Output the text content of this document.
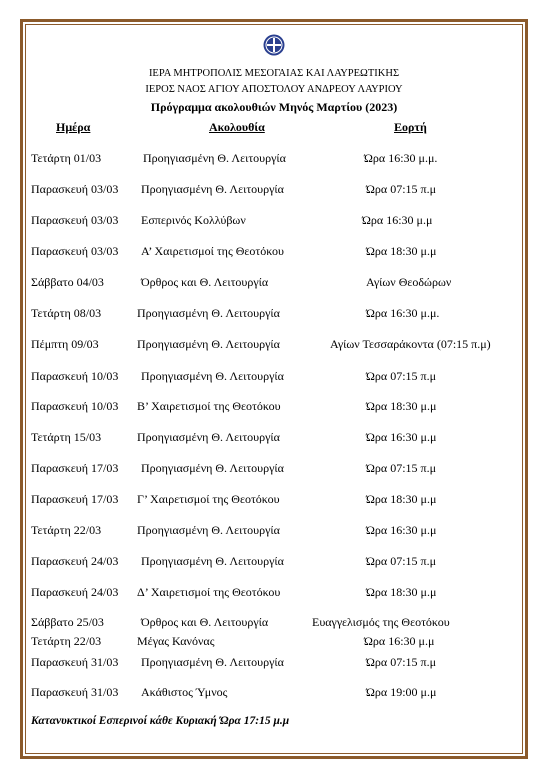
ΙΕΡΑ ΜΗΤΡΟΠΟΛΙΣ ΜΕΣΟΓΑΙΑΣ ΚΑΙ ΛΑΥΡΕΩΤΙΚΗΣ
ΙΕΡΟΣ ΝΑΟΣ ΑΓΙΟΥ ΑΠΟΣΤΟΛΟΥ ΑΝΔΡΕΟΥ ΛΑΥΡΙΟΥ
Πρόγραμμα ακολουθιών Μηνός Μαρτίου (2023)
Ημέρα	Ακολουθία	Εορτή
Τετάρτη 01/03	Προηγιασμένη Θ. Λειτουργία	Ώρα 16:30 μ.μ.
Παρασκευή 03/03 Προηγιασμένη Θ. Λειτουργία	Ώρα 07:15 π.μ
Παρασκευή 03/03 Εσπερινός Κολλύβων	Ώρα 16:30 μ.μ
Παρασκευή 03/03 Α’ Χαιρετισμοί της Θεοτόκου	Ώρα 18:30 μ.μ
Σάββατο 04/03	Όρθρος και Θ. Λειτουργία	Αγίων Θεοδώρων
Τετάρτη 08/03	Προηγιασμένη Θ. Λειτουργία	Ώρα 16:30 μ.μ.
Πέμπτη 09/03	Προηγιασμένη Θ. Λειτουργία	Αγίων Τεσσαράκοντα (07:15 π.μ)
Παρασκευή 10/03 Προηγιασμένη Θ. Λειτουργία	Ώρα 07:15 π.μ
Παρασκευή 10/03 Β’ Χαιρετισμοί της Θεοτόκου	Ώρα 18:30 μ.μ
Τετάρτη 15/03	Προηγιασμένη Θ. Λειτουργία	Ώρα 16:30 μ.μ
Παρασκευή 17/03 Προηγιασμένη Θ. Λειτουργία	Ώρα 07:15 π.μ
Παρασκευή 17/03 Γ’ Χαιρετισμοί της Θεοτόκου	Ώρα 18:30 μ.μ
Τετάρτη 22/03	Προηγιασμένη Θ. Λειτουργία	Ώρα 16:30 μ.μ
Παρασκευή 24/03 Προηγιασμένη Θ. Λειτουργία	Ώρα 07:15 π.μ
Παρασκευή 24/03 Δ’ Χαιρετισμοί της Θεοτόκου	Ώρα 18:30 μ.μ
Σάββατο 25/03	Όρθρος και Θ. Λειτουργία	Ευαγγελισμός της Θεοτόκου
Τετάρτη 22/03	Μέγας Κανόνας	Ώρα 16:30 μ.μ
Παρασκευή 31/03 Προηγιασμένη Θ. Λειτουργία	Ώρα 07:15 π.μ
Παρασκευή 31/03 Ακάθιστος Ύμνος	Ώρα 19:00 μ.μ
Κατανυκτικοί Εσπερινοί κάθε Κυριακή Ώρα 17:15 μ.μ
